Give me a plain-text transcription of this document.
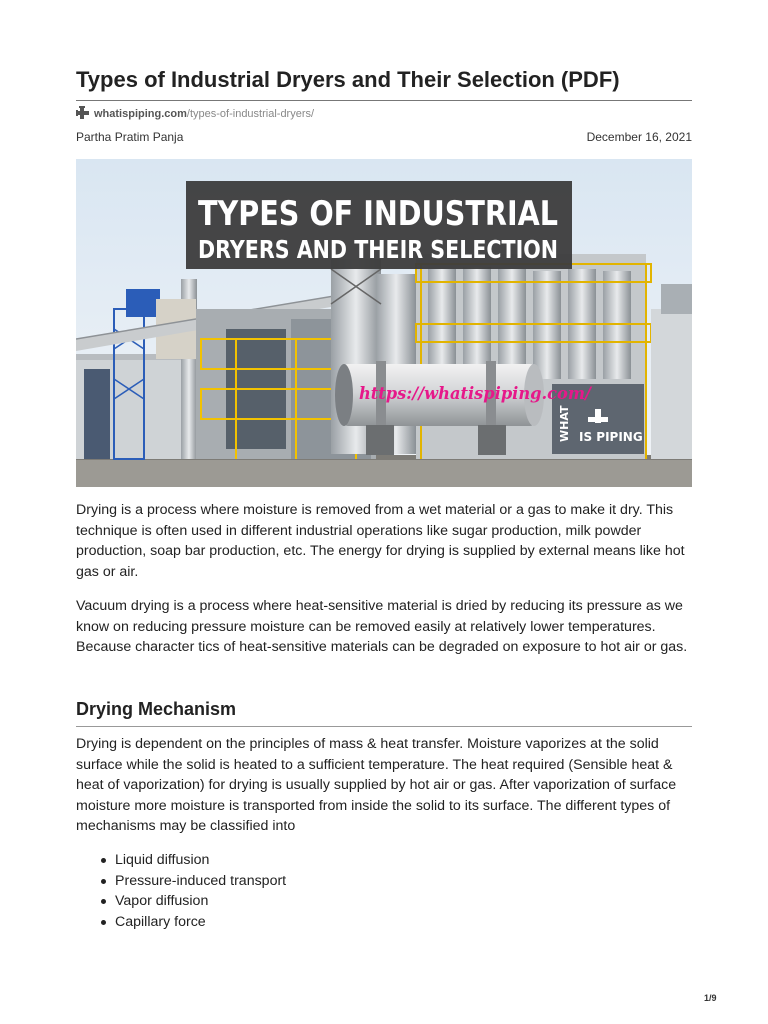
Types of Industrial Dryers and Their Selection (PDF)
whatispiping.com/types-of-industrial-dryers/
Partha Pratim Panja	December 16, 2021
WHAT IS PIPING
TYPES OF INDUSTRIAL
DRYERS AND THEIR SELECTION
https://whatispiping.com/

Drying is a process where moisture is removed from a wet material or a gas to make it dry. This technique is often used in different industrial operations like sugar production, milk powder production, soap bar production, etc. The energy for drying is supplied by external means like hot gas or air.

Vacuum drying is a process where heat-sensitive material is dried by reducing its pressure as we know on reducing pressure moisture can be removed easily at relatively lower temperatures. Because character tics of heat-sensitive materials can be degraded on exposure to hot air or gas.

Drying Mechanism

Drying is dependent on the principles of mass & heat transfer. Moisture vaporizes at the solid surface while the solid is heated to a sufficient temperature. The heat required (Sensible heat & heat of vaporization) for drying is usually supplied by hot air or gas. After vaporization of surface moisture more moisture is transported from inside the solid to its surface. The different types of mechanisms may be classified into

Liquid diffusion
Pressure-induced transport
Vapor diffusion
Capillary force
1/9
